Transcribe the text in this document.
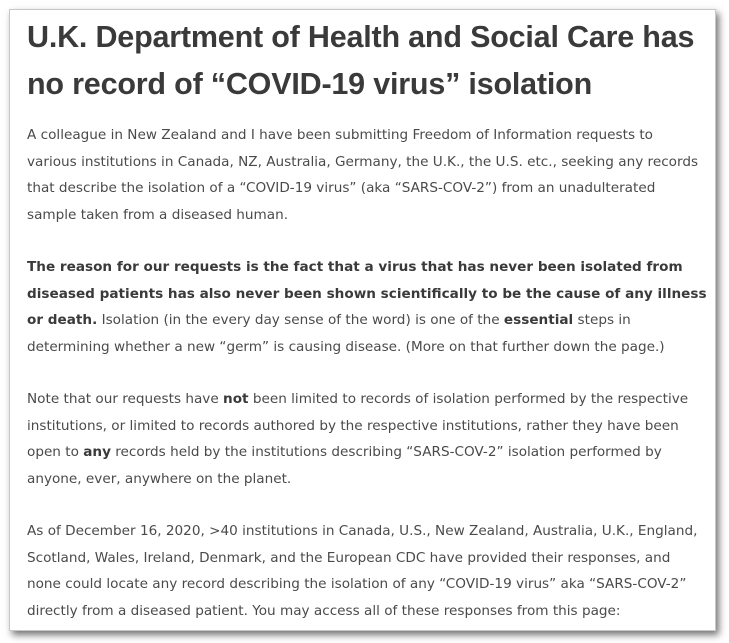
U.K. Department of Health and Social Care has no record of “COVID-19 virus” isolation

A colleague in New Zealand and I have been submitting Freedom of Information requests to various institutions in Canada, NZ, Australia, Germany, the U.K., the U.S. etc., seeking any records that describe the isolation of a “COVID-19 virus” (aka “SARS-COV-2”) from an unadulterated sample taken from a diseased human.

The reason for our requests is the fact that a virus that has never been isolated from diseased patients has also never been shown scientifically to be the cause of any illness or death. Isolation (in the every day sense of the word) is one of the essential steps in determining whether a new “germ” is causing disease. (More on that further down the page.)

Note that our requests have not been limited to records of isolation performed by the respective institutions, or limited to records authored by the respective institutions, rather they have been open to any records held by the institutions describing “SARS-COV-2” isolation performed by anyone, ever, anywhere on the planet.

As of December 16, 2020, >40 institutions in Canada, U.S., New Zealand, Australia, U.K., England, Scotland, Wales, Ireland, Denmark, and the European CDC have provided their responses, and none could locate any record describing the isolation of any “COVID-19 virus” aka “SARS-COV-2” directly from a diseased patient. You may access all of these responses from this page:
